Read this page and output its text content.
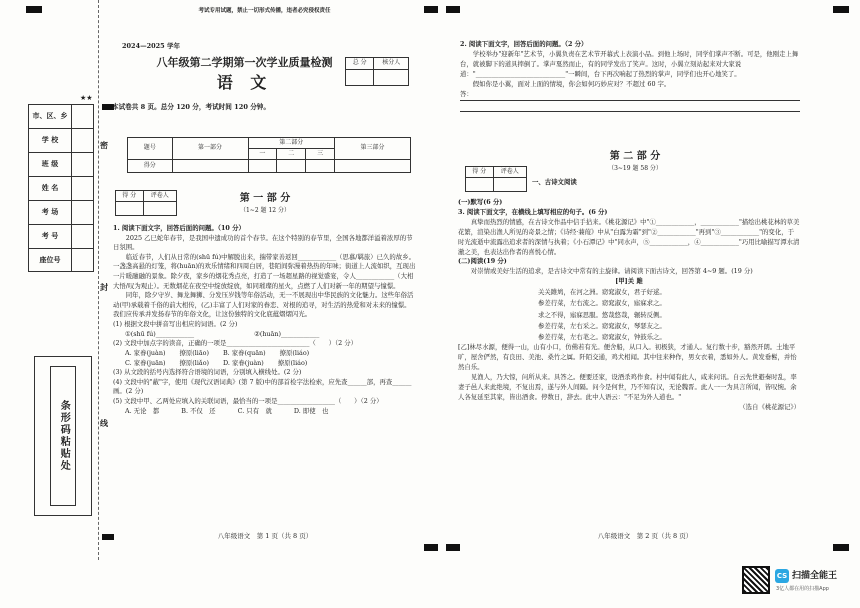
★★
市、区、乡
学 校
班 级
姓 名
考 场
考 号
座位号
条形码粘贴处
密
封
线
考试专用试题，禁止一切形式传播，违者必究侵权责任
2024—2025 学年
八年级第二学期第一次学业质量检测
语 文
本试卷共 8 页。总分 120 分，考试时间 120 分钟。
总 分	核分人

题号	第一部分	第二部分			第三部分
		一	二	三	
得分					
得 分	评卷人
		第 一 部 分
（1~2 题 12 分）
1. 阅读下面文字，回答后面的问题。（10 分）
2025 乙巳蛇年春节，是我国申遗成功的首个春节。在这个特别的春节里，全国各地都洋溢着浓厚的节日氛围。
临近春节，人们从日常的(shū fú)中解脱出来，揣带家善返回____________（思慕/羁旅）已久的故乡。一盏盏高悬的灯笼，将(huān)的欢乐情绪和四周白居，巷陌间弥漫着热热的年味；街道上人流如织，互现出一片暖融融的景象。除夕夜，家乡的烟花秀点亮，打造了一场超星路的视觉盛宴，令人____________（大相大悟/叹为观止）。无数烟花在夜空中绽放绽放，如同璀璨的星火，点燃了人们对新一年的期望与憧憬。
同年，除夕守岁、舞龙舞狮、分发压岁钱等年俗活动，无一不展现出中华民族的文化魅力。这些年俗活动(甲)承载着千俗的前大相传，(乙)丰富了人们对家的眷恋、对根的追寻，对生活的热爱和对未来的憧憬。我们应传承并发扬春节的年俗文化，让这份独特的文化底蕴熠熠闪光。
(1) 根据文段中拼音写出相应的词语。(2 分)
①(shū fú)____________	②(huān)____________
(2) 文段中加点字的读音，正确的一项是__________________________（　　）（2 分）
A. 家眷(juàn) 撩原(liāo) B. 家眷(quān) 撩原(liáo)
C. 家眷(juān) 撩原(liǎo) D. 家眷(juàn) 撩原(liáo)
(3) 从文段的括号内选择符合语境的词语，分别填入横线处。(2 分)
(4) 文段中的"蔽"字，使用《现代汉语词典》(第 7 版)中的部首检字法检索，应先查______部，再查______画。(2 分)
(5) 文段中甲、乙两处应填入的关联词语，最恰当的一项是__________________（　　）（2 分）
A. 无论　都	B. 不仅　还	C. 只有　就	D. 即使　也
八年级语文　第 1 页（共 8 页）
2. 阅读下面文字，回答后面的问题。（2 分）
学校举办"迎新年"艺术节，小翼负责在艺术节开幕式上表演小品。到他上场时，同学们掌声不断。可是，他刚走上舞台，就被脚下的道具摔倒了。掌声戛然而止，有的同学发出了笑声。这时，小翼立刻站起来对大家说道："____________________________"一瞬间，台下再次响起了热烈的掌声，同学们也开心地笑了。
假如你是小翼，面对上面的情境，你会如何巧妙应对？不超过 60 字。
答：
第 二 部 分
（3~19 题 58 分）
得 分	评卷人

一、古诗文阅读
(一)默写(6 分)
3. 阅读下面文字，在横线上填写相应的句子。(6 分)
真挚而热烈的情感，在古诗文作品中信手拈来。《桃花源记》中"①____________，____________"描绘出桃花林的草美花繁，渲染出渔人所见的奇景之情；《诗经·蒹葭》中从"白露为霜"到"②____________"再到"③____________"的变化，于时光流逝中流露出追求者的深情与执着；《小石潭记》中"同水声，⑤____________，④____________"巧用比喻描写潭水清澈之美，也表达出作者的喜悦心情。
(二)阅读(19 分)
对崇情或美好生活的追求，是古诗文中常有的主旋律。请阅读下面古诗文，回答第 4~9 题。(19 分)
[甲]关 雎
关关雎鸠，在河之洲。窈窕淑女，君子好逑。
参差荇菜，左右流之。窈窕淑女，寤寐求之。
求之不得，寤寐思服。悠哉悠哉，辗转反侧。
参差荇菜，左右采之。窈窕淑女，琴瑟友之。
参差荇菜，左右芼之。窈窕淑女，钟鼓乐之。
[乙]林尽水源，便得一山，山有小口，仿佛若有光。便舍船，从口入。初极狭，才通人。复行数十步，豁然开朗。土地平旷，屋舍俨然，有良田、美池、桑竹之属。阡陌交通，鸡犬相闻。其中往来种作，男女衣着，悉如外人。黄发垂髫，并怡然自乐。
见渔人，乃大惊，问所从来。具答之。便要还家，设酒杀鸡作食。村中闻有此人，咸来问讯。自云先世避秦时乱，率妻子邑人来此绝境，不复出焉，遂与外人间隔。问今是何世，乃不知有汉，无论魏晋。此人一一为具言所闻，皆叹惋。余人各复延至其家，皆出酒食。停数日，辞去。此中人语云："不足为外人道也。"
（选自《桃花源记》）
八年级语文　第 2 页（共 8 页）
CS 扫描全能王
3亿人都在用的扫描App
